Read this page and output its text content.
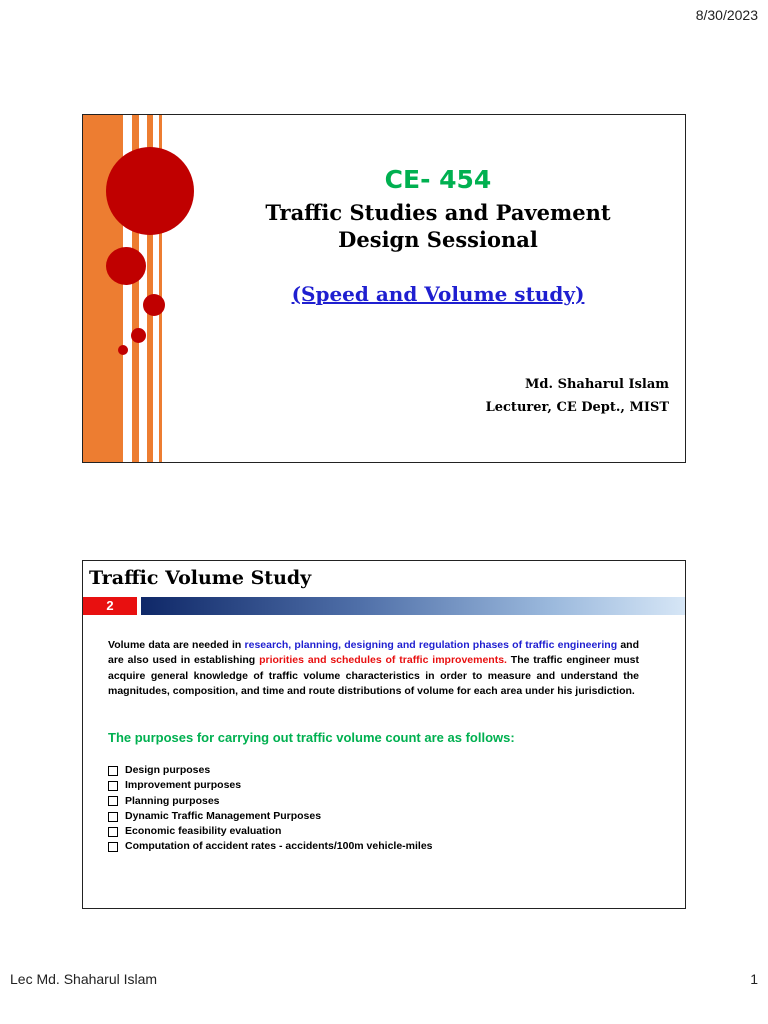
8/30/2023
CE- 454
Traffic Studies and Pavement
Design Sessional
(Speed and Volume study)
Md. Shaharul Islam
Lecturer, CE Dept., MIST
Traffic Volume Study
2
Volume data are needed in research, planning, designing and regulation phases of traffic engineering and are also used in establishing priorities and schedules of traffic improvements. The traffic engineer must acquire general knowledge of traffic volume characteristics in order to measure and understand the magnitudes, composition, and time and route distributions of volume for each area under his jurisdiction.
The purposes for carrying out traffic volume count are as follows:
Design purposes
Improvement purposes
Planning purposes
Dynamic Traffic Management Purposes
Economic feasibility evaluation
Computation of accident rates - accidents/100m vehicle-miles
Lec Md. Shaharul Islam	1
